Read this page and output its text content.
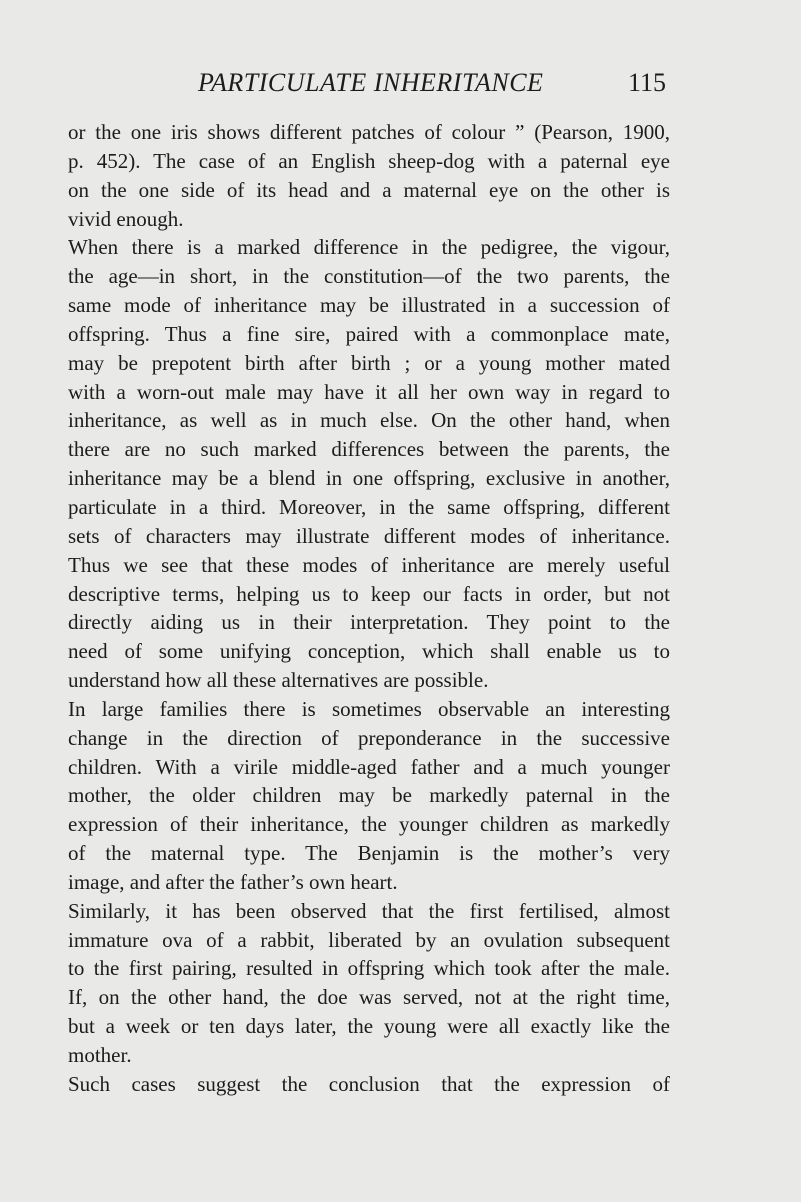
PARTICULATE INHERITANCE	115
or the one iris shows different patches of colour ” (Pearson, 1900,
p. 452). The case of an English sheep-dog with a paternal eye
on the one side of its head and a maternal eye on the other is
vivid enough.
When there is a marked difference in the pedigree, the vigour,
the age—in short, in the constitution—of the two parents, the
same mode of inheritance may be illustrated in a succession of
offspring. Thus a fine sire, paired with a commonplace mate,
may be prepotent birth after birth ; or a young mother mated
with a worn-out male may have it all her own way in regard to
inheritance, as well as in much else. On the other hand, when
there are no such marked differences between the parents, the
inheritance may be a blend in one offspring, exclusive in another,
particulate in a third. Moreover, in the same offspring, different
sets of characters may illustrate different modes of inheritance.
Thus we see that these modes of inheritance are merely useful
descriptive terms, helping us to keep our facts in order, but not
directly aiding us in their interpretation. They point to the
need of some unifying conception, which shall enable us to
understand how all these alternatives are possible.
In large families there is sometimes observable an interesting
change in the direction of preponderance in the successive
children. With a virile middle-aged father and a much younger
mother, the older children may be markedly paternal in the
expression of their inheritance, the younger children as markedly
of the maternal type. The Benjamin is the mother’s very
image, and after the father’s own heart.
Similarly, it has been observed that the first fertilised, almost
immature ova of a rabbit, liberated by an ovulation subsequent
to the first pairing, resulted in offspring which took after the male.
If, on the other hand, the doe was served, not at the right time,
but a week or ten days later, the young were all exactly like the
mother.
Such cases suggest the conclusion that the expression of
